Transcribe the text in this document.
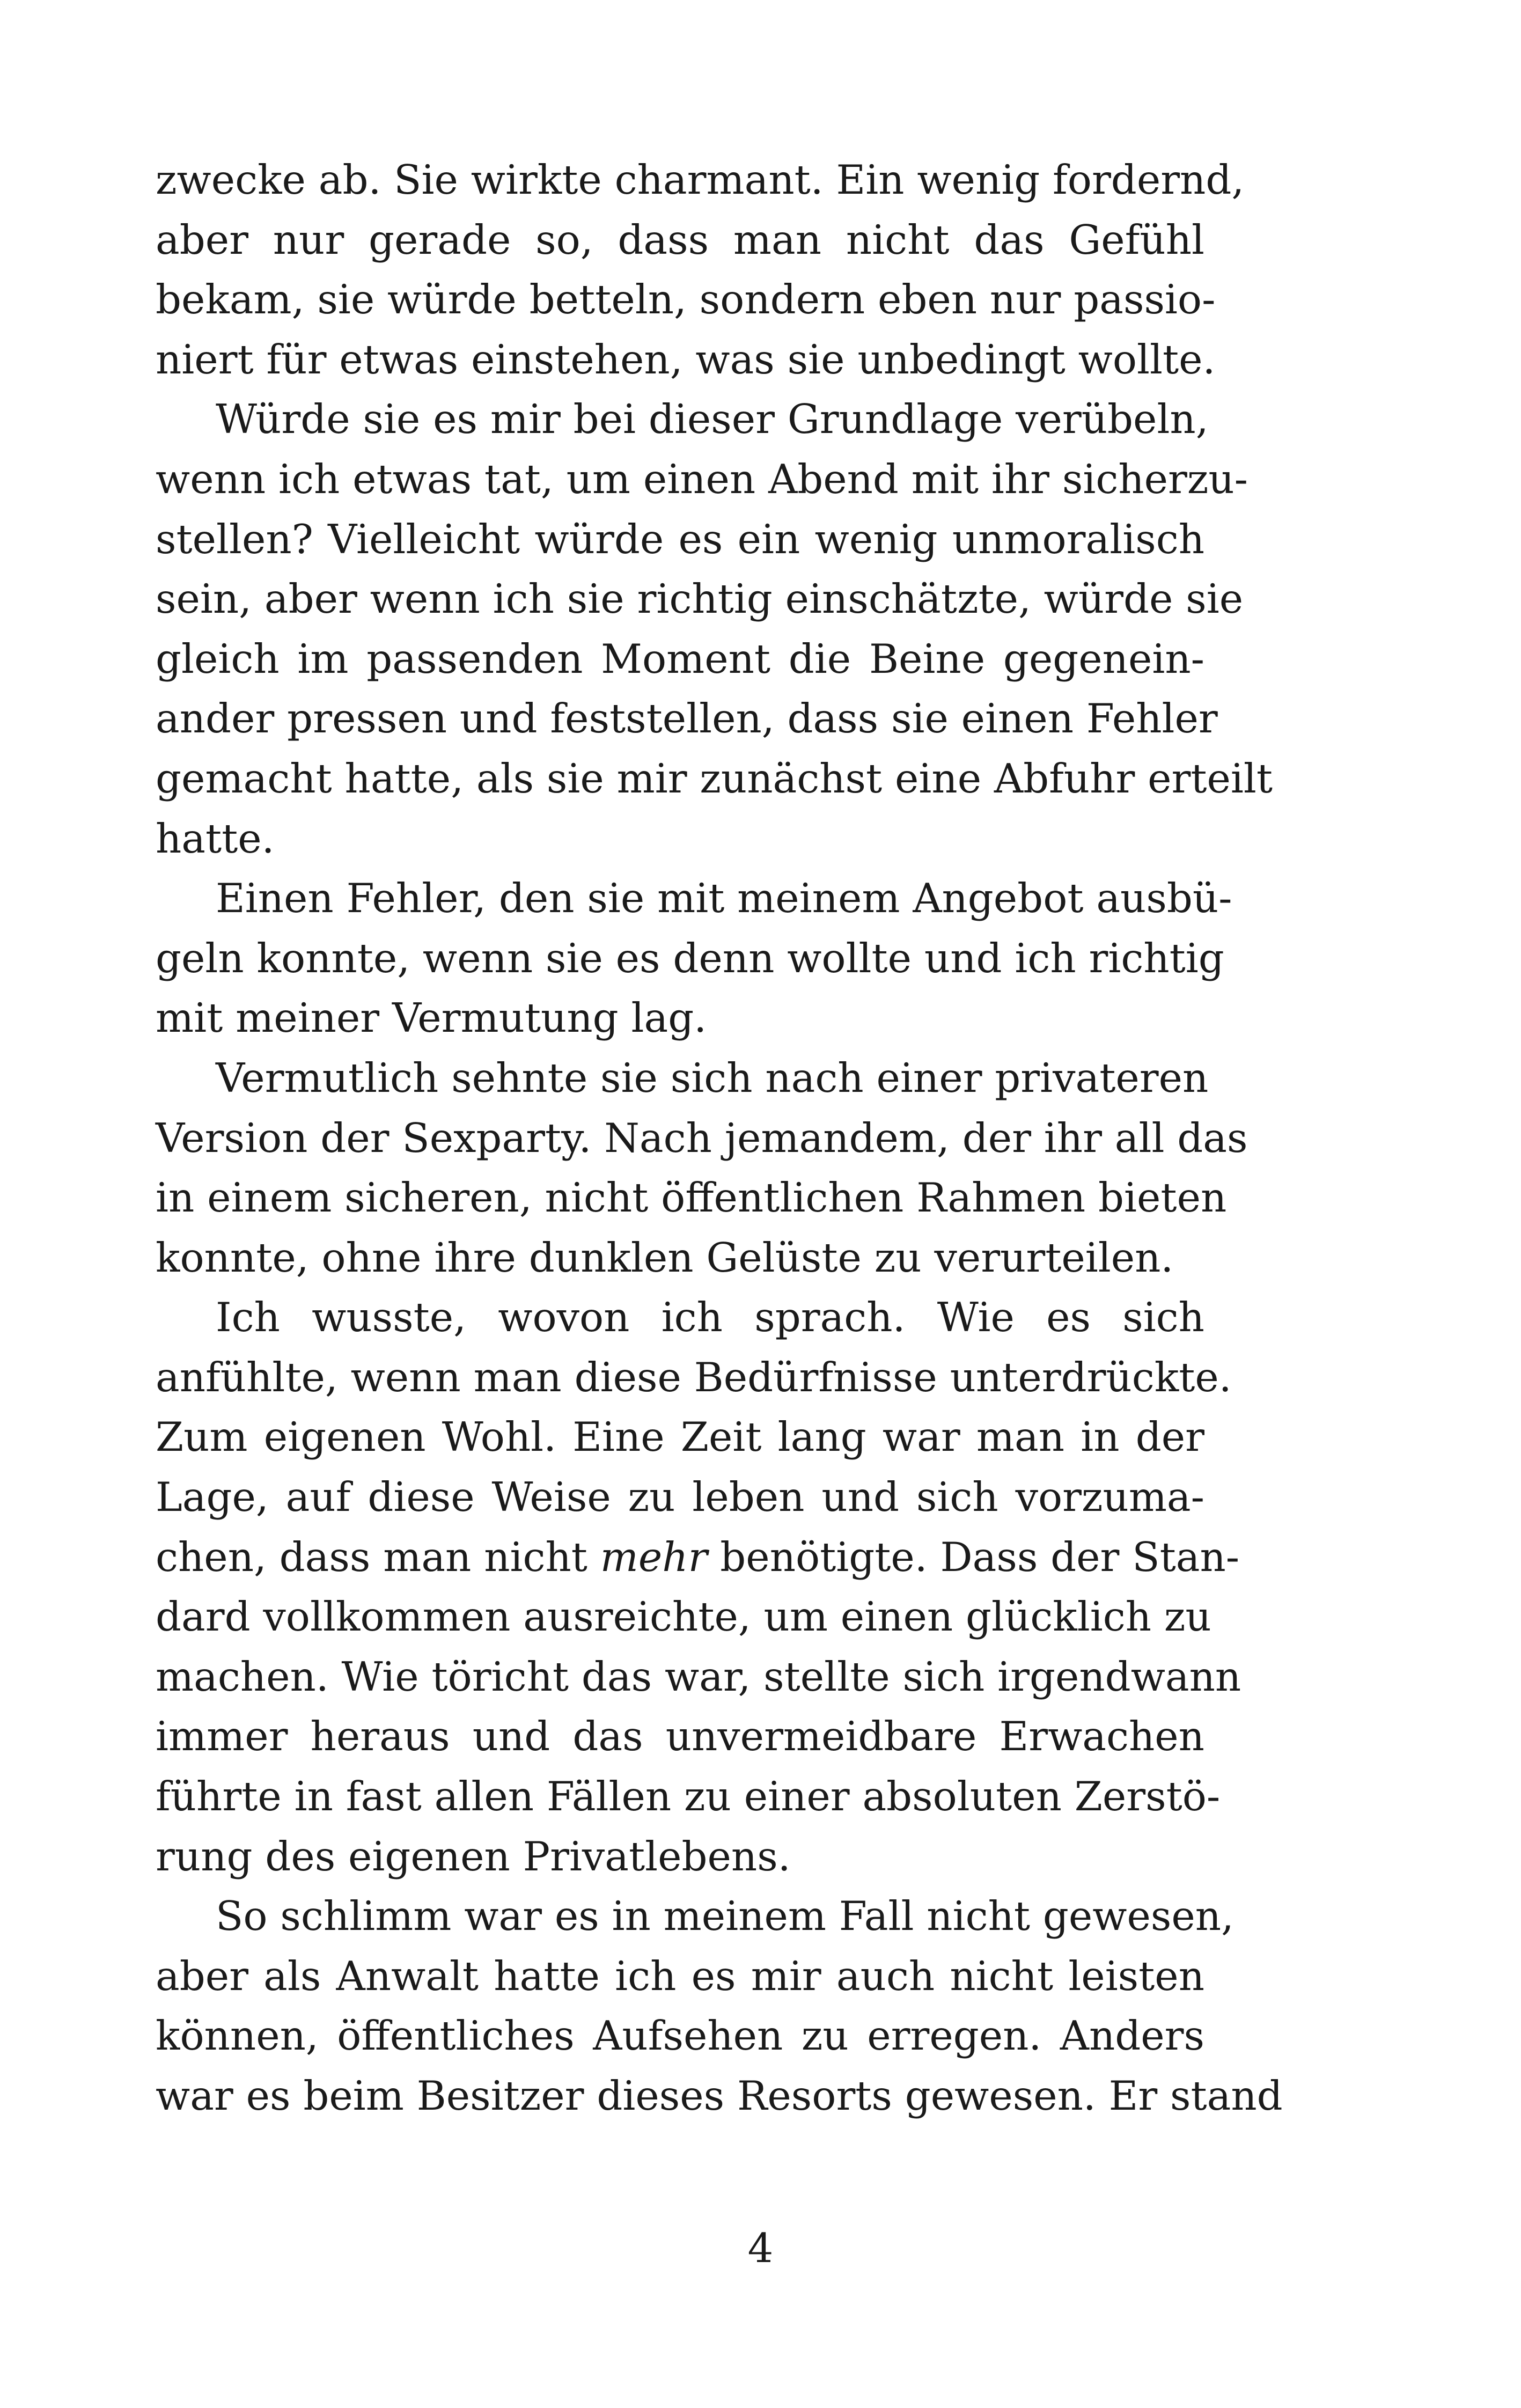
zwecke ab. Sie wirkte charmant. Ein wenig fordernd,
aber nur gerade so, dass man nicht das Gefühl
bekam, sie würde betteln, sondern eben nur passio-
niert für etwas einstehen, was sie unbedingt wollte.
Würde sie es mir bei dieser Grundlage verübeln,
wenn ich etwas tat, um einen Abend mit ihr sicherzu-
stellen? Vielleicht würde es ein wenig unmoralisch
sein, aber wenn ich sie richtig einschätzte, würde sie
gleich im passenden Moment die Beine gegenein-
ander pressen und feststellen, dass sie einen Fehler
gemacht hatte, als sie mir zunächst eine Abfuhr erteilt
hatte.
Einen Fehler, den sie mit meinem Angebot ausbü-
geln konnte, wenn sie es denn wollte und ich richtig
mit meiner Vermutung lag.
Vermutlich sehnte sie sich nach einer privateren
Version der Sexparty. Nach jemandem, der ihr all das
in einem sicheren, nicht öffentlichen Rahmen bieten
konnte, ohne ihre dunklen Gelüste zu verurteilen.
Ich wusste, wovon ich sprach. Wie es sich
anfühlte, wenn man diese Bedürfnisse unterdrückte.
Zum eigenen Wohl. Eine Zeit lang war man in der
Lage, auf diese Weise zu leben und sich vorzuma-
chen, dass man nicht mehr benötigte. Dass der Stan-
dard vollkommen ausreichte, um einen glücklich zu
machen. Wie töricht das war, stellte sich irgendwann
immer heraus und das unvermeidbare Erwachen
führte in fast allen Fällen zu einer absoluten Zerstö-
rung des eigenen Privatlebens.
So schlimm war es in meinem Fall nicht gewesen,
aber als Anwalt hatte ich es mir auch nicht leisten
können, öffentliches Aufsehen zu erregen. Anders
war es beim Besitzer dieses Resorts gewesen. Er stand
4
